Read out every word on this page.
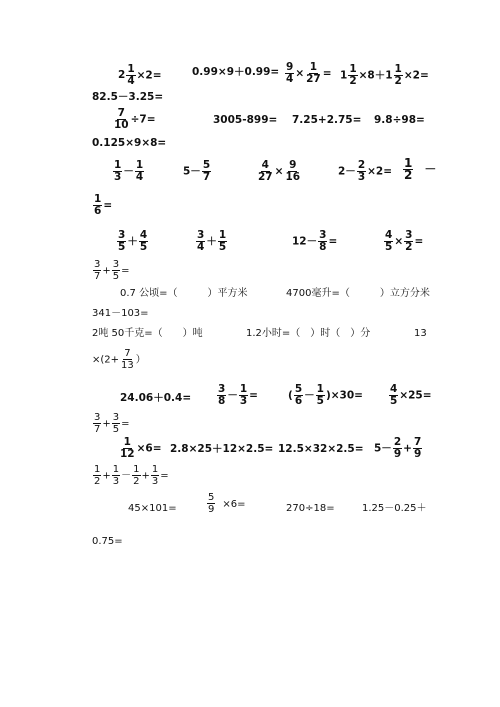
$2 \frac{1}{4} \times 2=$	$0.99\times 9+0.99= \frac{9}{4} \times \frac{1}{27} = 1 \frac{1}{2} \times 8+1 \frac{1}{2} \times 2=$
82.5－3.25=
$\frac{7}{10} \div 7=$	3005-899= 7.25+2.75= 9.8÷98=
0.125×9×8=
$\frac{1}{3} - \frac{1}{4}$	$5- \frac{5}{7}$	$\frac{4}{27} \times \frac{9}{16}$	$2- \frac{2}{3} \times 2= \frac{1}{2}$ －
$\frac{1}{6}$ =
$\frac{3}{5} + \frac{4}{5}$	$\frac{3}{4} + \frac{1}{5}$	$12- \frac{3}{8}$ =	$\frac{4}{5} \times \frac{3}{2}$ =
$\frac{3}{7} + \frac{3}{5}$ =
0.7 公顷=（　　　）平方米	4700毫升=（　　　）立方分米
341－103=
2吨 50千克=（　　）吨	1.2小时=（　）时（　）分	13
$\times(2+ \frac{7}{13}$ ）
$24.06+0.4= \frac{3}{8} - \frac{1}{3}$ =	( $\frac{5}{6} - \frac{1}{5} )\times 30= \frac{4}{5} \times 25=$
$\frac{3}{7} + \frac{3}{5}$ =
$\frac{1}{12} \times 6= 2.8\times 25+12\times 2.5= 12.5\times 32\times 2.5= 5- \frac{2}{9} + \frac{7}{9}$
$\frac{1}{2} + \frac{1}{3} - \frac{1}{2} + \frac{1}{3}$ =
45×101=	$\frac{5}{9} \times 6=$	270÷18=	1.25－0.25＋
0.75=
